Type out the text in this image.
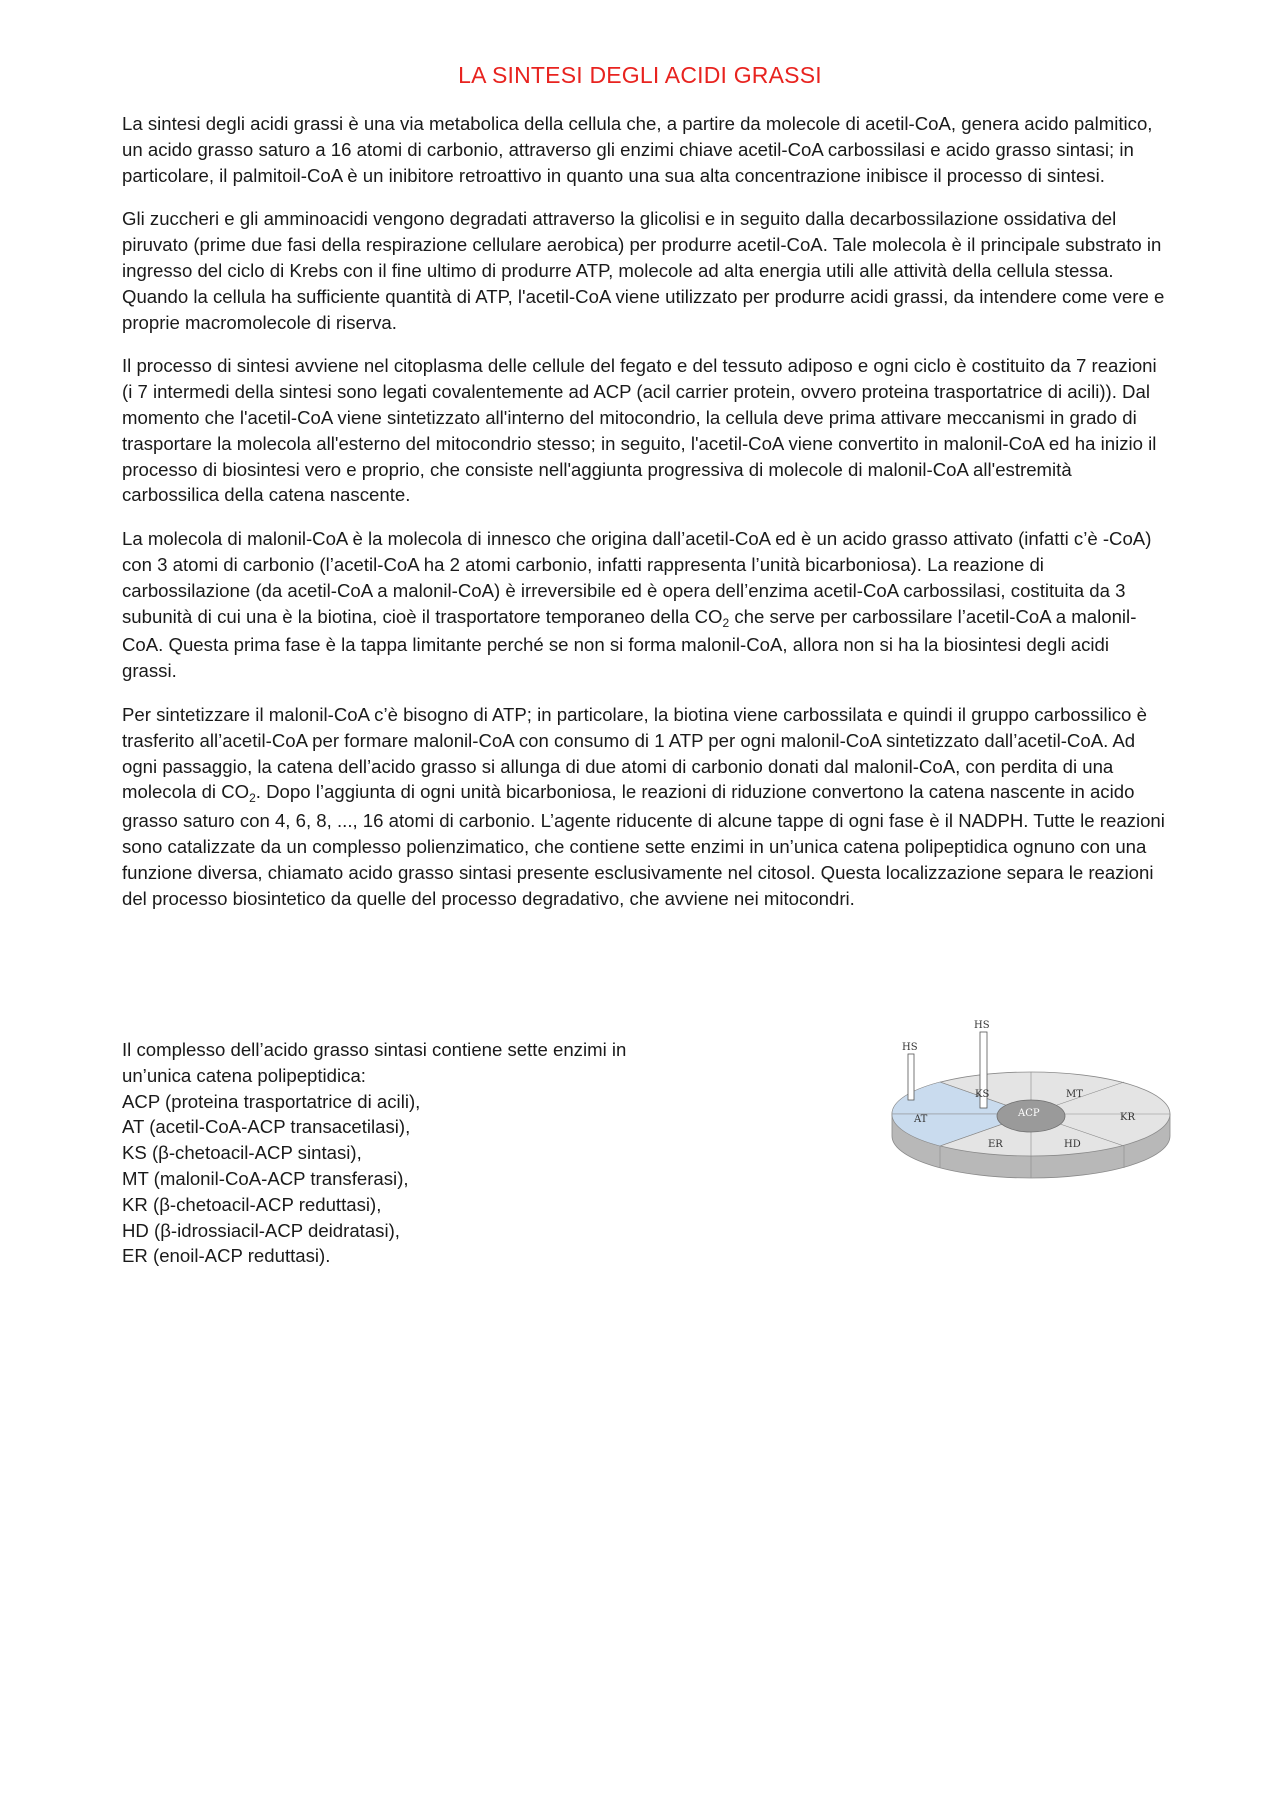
LA SINTESI DEGLI ACIDI GRASSI

La sintesi degli acidi grassi è una via metabolica della cellula che, a partire da molecole di acetil-CoA, genera acido palmitico, un acido grasso saturo a 16 atomi di carbonio, attraverso gli enzimi chiave acetil-CoA carbossilasi e acido grasso sintasi; in particolare, il palmitoil-CoA è un inibitore retroattivo in quanto una sua alta concentrazione inibisce il processo di sintesi.

Gli zuccheri e gli amminoacidi vengono degradati attraverso la glicolisi e in seguito dalla decarbossilazione ossidativa del piruvato (prime due fasi della respirazione cellulare aerobica) per produrre acetil-CoA. Tale molecola è il principale substrato in ingresso del ciclo di Krebs con il fine ultimo di produrre ATP, molecole ad alta energia utili alle attività della cellula stessa. Quando la cellula ha sufficiente quantità di ATP, l'acetil-CoA viene utilizzato per produrre acidi grassi, da intendere come vere e proprie macromolecole di riserva.

Il processo di sintesi avviene nel citoplasma delle cellule del fegato e del tessuto adiposo e ogni ciclo è costituito da 7 reazioni (i 7 intermedi della sintesi sono legati covalentemente ad ACP (acil carrier protein, ovvero proteina trasportatrice di acili)). Dal momento che l'acetil-CoA viene sintetizzato all'interno del mitocondrio, la cellula deve prima attivare meccanismi in grado di trasportare la molecola all'esterno del mitocondrio stesso; in seguito, l'acetil-CoA viene convertito in malonil-CoA ed ha inizio il processo di biosintesi vero e proprio, che consiste nell'aggiunta progressiva di molecole di malonil-CoA all'estremità carbossilica della catena nascente.

La molecola di malonil-CoA è la molecola di innesco che origina dall’acetil-CoA ed è un acido grasso attivato (infatti c’è -CoA) con 3 atomi di carbonio (l’acetil-CoA ha 2 atomi carbonio, infatti rappresenta l’unità bicarboniosa). La reazione di carbossilazione (da acetil-CoA a malonil-CoA) è irreversibile ed è opera dell’enzima acetil-CoA carbossilasi, costituita da 3 subunità di cui una è la biotina, cioè il trasportatore temporaneo della $CO_2$ che serve per carbossilare l’acetil-CoA a malonil-CoA. Questa prima fase è la tappa limitante perché se non si forma malonil-CoA, allora non si ha la biosintesi degli acidi grassi.

Per sintetizzare il malonil-CoA c’è bisogno di ATP; in particolare, la biotina viene carbossilata e quindi il gruppo carbossilico è trasferito all’acetil-CoA per formare malonil-CoA con consumo di 1 ATP per ogni malonil-CoA sintetizzato dall’acetil-CoA. Ad ogni passaggio, la catena dell’acido grasso si allunga di due atomi di carbonio donati dal malonil-CoA, con perdita di una molecola di $CO_2$. Dopo l’aggiunta di ogni unità bicarboniosa, le reazioni di riduzione convertono la catena nascente in acido grasso saturo con 4, 6, 8, ..., 16 atomi di carbonio. L’agente riducente di alcune tappe di ogni fase è il NADPH. Tutte le reazioni sono catalizzate da un complesso polienzimatico, che contiene sette enzimi in un’unica catena polipeptidica ognuno con una funzione diversa, chiamato acido grasso sintasi presente esclusivamente nel citosol. Questa localizzazione separa le reazioni del processo biosintetico da quelle del processo degradativo, che avviene nei mitocondri.

Il complesso dell’acido grasso sintasi contiene sette enzimi in un’unica catena polipeptidica:
ACP (proteina trasportatrice di acili),
AT (acetil-CoA-ACP transacetilasi),
KS (β-chetoacil-ACP sintasi),
MT (malonil-CoA-ACP transferasi),
KR (β-chetoacil-ACP reduttasi),
HD (β-idrossiacil-ACP deidratasi),
ER (enoil-ACP reduttasi).
HS
HS
KS	MT
KR
HD
ER
AT
ACP
